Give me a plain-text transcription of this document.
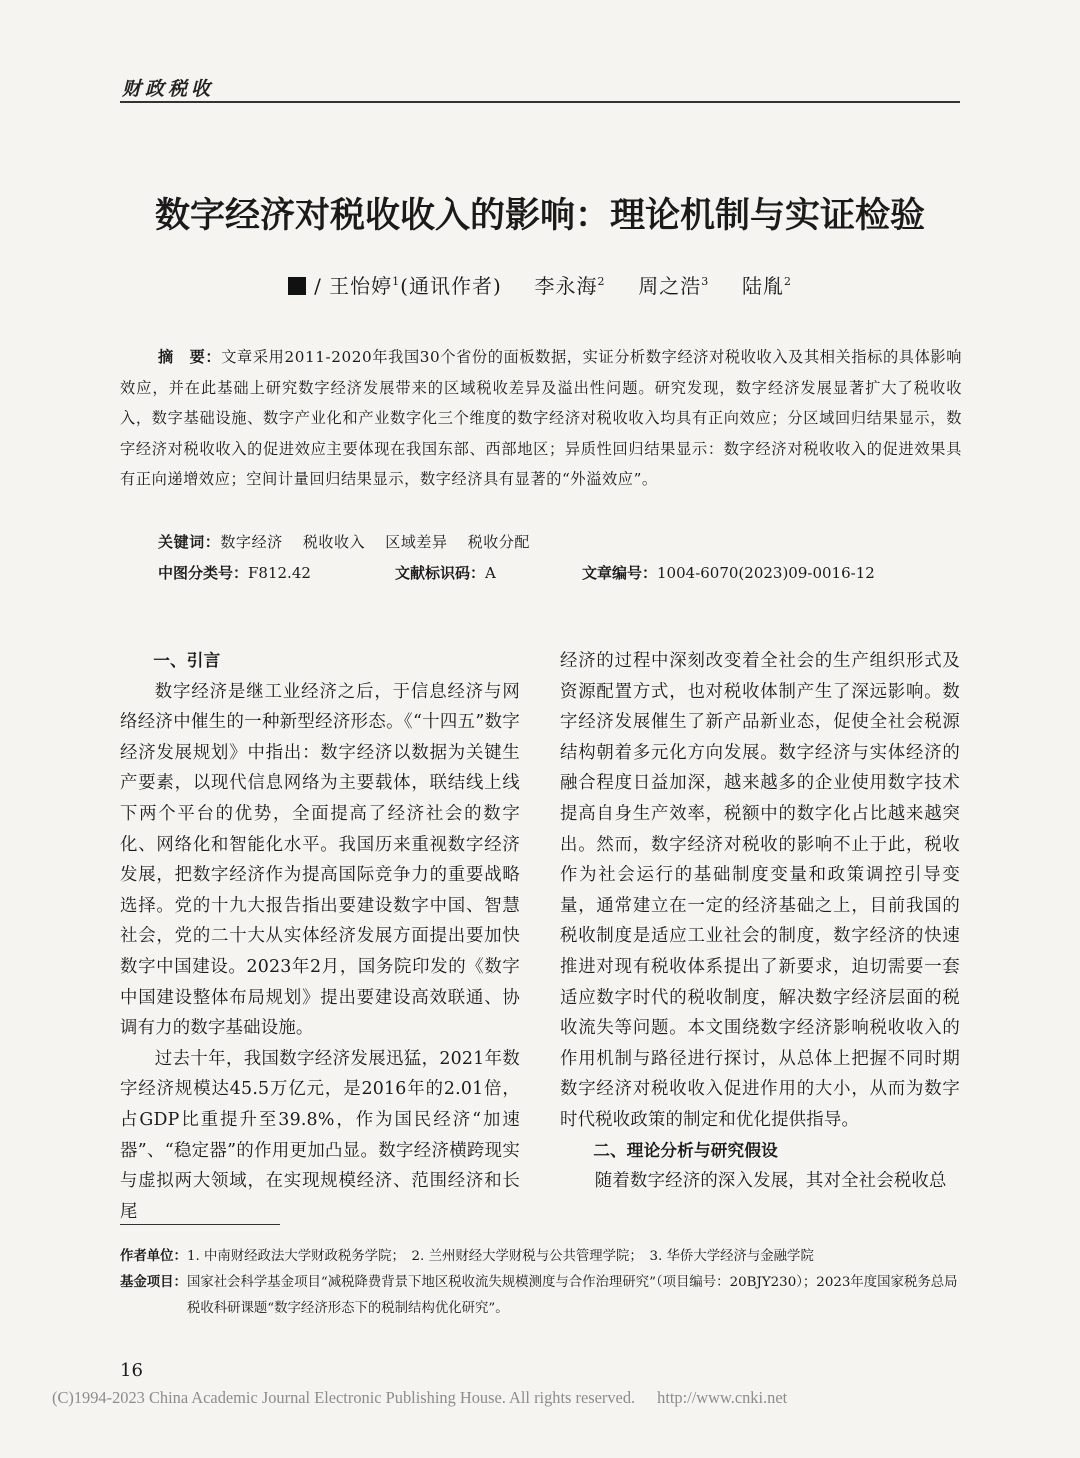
财政税收
数字经济对税收收入的影响：理论机制与实证检验
/ 王怡婷$^1$(通讯作者) 李永海$^2$ 周之浩$^3$ 陆胤$^2$
摘　要：文章采用2011-2020年我国30个省份的面板数据，实证分析数字经济对税收收入及其相关指标的具体影响效应，并在此基础上研究数字经济发展带来的区域税收差异及溢出性问题。研究发现，数字经济发展显著扩大了税收收入，数字基础设施、数字产业化和产业数字化三个维度的数字经济对税收收入均具有正向效应；分区域回归结果显示，数字经济对税收收入的促进效应主要体现在我国东部、西部地区；异质性回归结果显示：数字经济对税收收入的促进效果具有正向递增效应；空间计量回归结果显示，数字经济具有显著的“外溢效应”。
关键词：数字经济 税收收入 区域差异 税收分配
中图分类号：F812.42	文献标识码：A	文章编号：1004-6070(2023)09-0016-12

一、引言

数字经济是继工业经济之后，于信息经济与网络经济中催生的一种新型经济形态。《“十四五”数字经济发展规划》中指出：数字经济以数据为关键生产要素，以现代信息网络为主要载体，联结线上线下两个平台的优势，全面提高了经济社会的数字化、网络化和智能化水平。我国历来重视数字经济发展，把数字经济作为提高国际竞争力的重要战略选择。党的十九大报告指出要建设数字中国、智慧社会，党的二十大从实体经济发展方面提出要加快数字中国建设。2023年2月，国务院印发的《数字中国建设整体布局规划》提出要建设高效联通、协调有力的数字基础设施。

过去十年，我国数字经济发展迅猛，2021年数字经济规模达45.5万亿元，是2016年的2.01倍，占GDP比重提升至39.8%，作为国民经济“加速器”、“稳定器”的作用更加凸显。数字经济横跨现实与虚拟两大领域，在实现规模经济、范围经济和长尾

经济的过程中深刻改变着全社会的生产组织形式及资源配置方式，也对税收体制产生了深远影响。数字经济发展催生了新产品新业态，促使全社会税源结构朝着多元化方向发展。数字经济与实体经济的融合程度日益加深，越来越多的企业使用数字技术提高自身生产效率，税额中的数字化占比越来越突出。然而，数字经济对税收的影响不止于此，税收作为社会运行的基础制度变量和政策调控引导变量，通常建立在一定的经济基础之上，目前我国的税收制度是适应工业社会的制度，数字经济的快速推进对现有税收体系提出了新要求，迫切需要一套适应数字时代的税收制度，解决数字经济层面的税收流失等问题。本文围绕数字经济影响税收收入的作用机制与路径进行探讨，从总体上把握不同时期数字经济对税收收入促进作用的大小，从而为数字时代税收政策的制定和优化提供指导。

二、理论分析与研究假设

随着数字经济的深入发展，其对全社会税收总

作者单位： 1. 中南财经政法大学财政税务学院；　2. 兰州财经大学财税与公共管理学院；　3. 华侨大学经济与金融学院
基金项目： 国家社会科学基金项目“减税降费背景下地区税收流失规模测度与合作治理研究”（项目编号：20BJY230）；2023年度国家税务总局税收科研课题“数字经济形态下的税制结构优化研究”。
16
(C)1994-2023 China Academic Journal Electronic Publishing House. All rights reserved. http://www.cnki.net
